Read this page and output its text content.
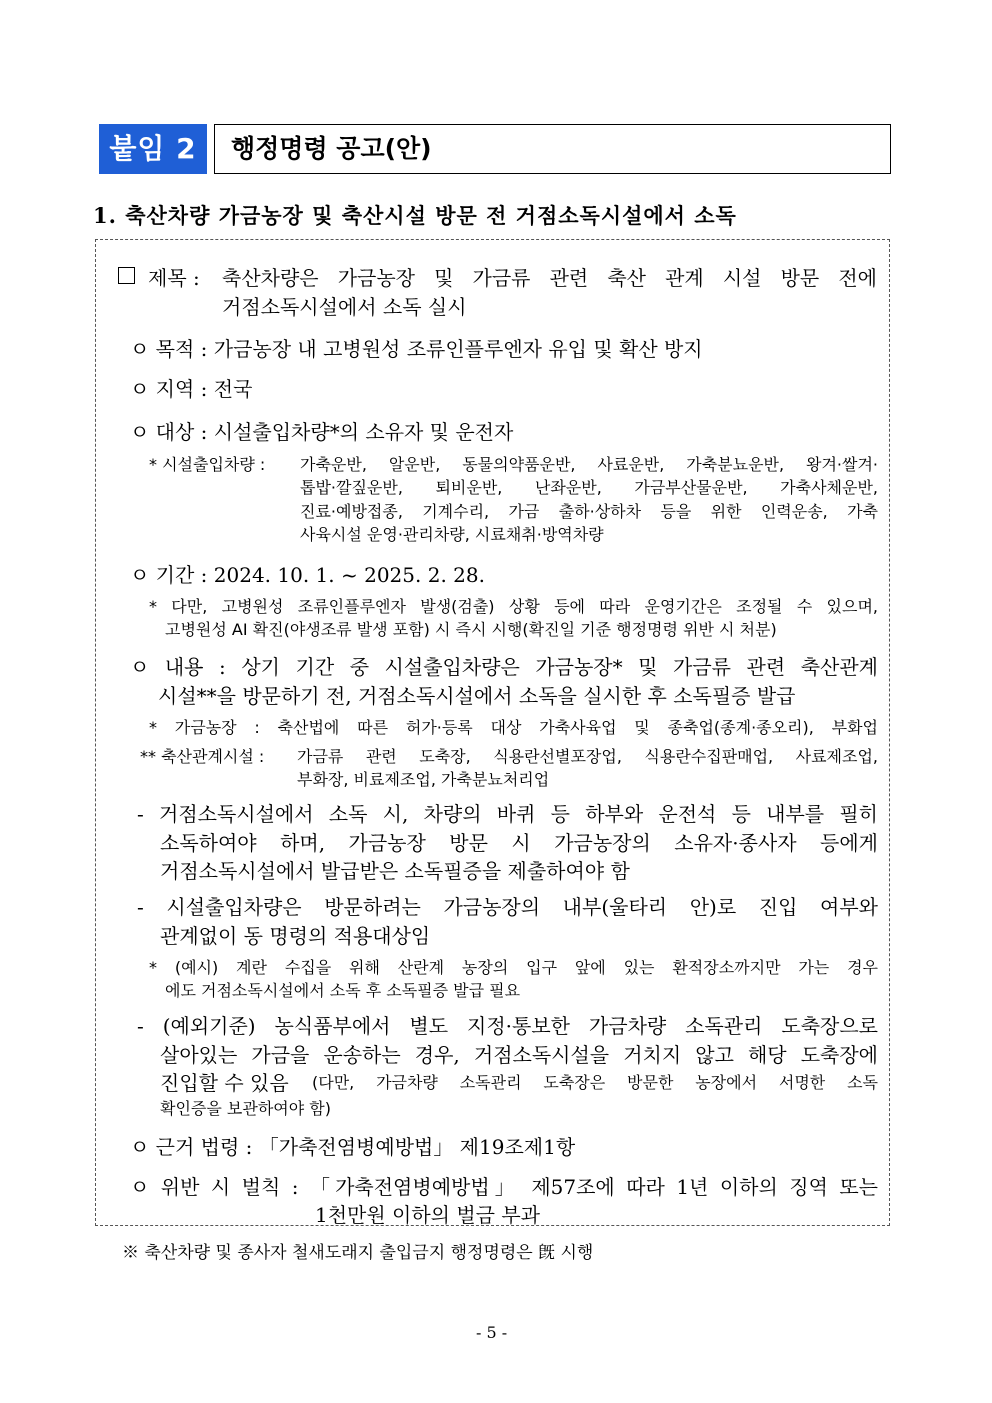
붙임 2	행정명령 공고(안)
1. 축산차량 가금농장 및 축산시설 방문 전 거점소독시설에서 소독
제목 : 축산차량은 가금농장 및 가금류 관련 축산 관계 시설 방문 전에
거점소독시설에서 소독 실시
ㅇ 목적 : 가금농장 내 고병원성 조류인플루엔자 유입 및 확산 방지
ㅇ 지역 : 전국
ㅇ 대상 : 시설출입차량*의 소유자 및 운전자
* 시설출입차량 : 가축운반, 알운반, 동물의약품운반, 사료운반, 가축분뇨운반, 왕겨·쌀겨·
톱밥·깔짚운반, 퇴비운반, 난좌운반, 가금부산물운반, 가축사체운반,
진료·예방접종, 기계수리, 가금 출하·상하차 등을 위한 인력운송, 가축
사육시설 운영·관리차량, 시료채취·방역차량
ㅇ 기간 : 2024. 10. 1. ~ 2025. 2. 28.
* 다만, 고병원성 조류인플루엔자 발생(검출) 상황 등에 따라 운영기간은 조정될 수 있으며,
고병원성 AI 확진(야생조류 발생 포함) 시 즉시 시행(확진일 기준 행정명령 위반 시 처분)
ㅇ 내용 : 상기 기간 중 시설출입차량은 가금농장* 및 가금류 관련 축산관계
시설**을 방문하기 전, 거점소독시설에서 소독을 실시한 후 소독필증 발급
* 가금농장 : 축산법에 따른 허가·등록 대상 가축사육업 및 종축업(종계·종오리), 부화업
** 축산관계시설 : 가금류 관련 도축장, 식용란선별포장업, 식용란수집판매업, 사료제조업,
부화장, 비료제조업, 가축분뇨처리업
- 거점소독시설에서 소독 시, 차량의 바퀴 등 하부와 운전석 등 내부를 필히
소독하여야 하며, 가금농장 방문 시 가금농장의 소유자·종사자 등에게
거점소독시설에서 발급받은 소독필증을 제출하여야 함
- 시설출입차량은 방문하려는 가금농장의 내부(울타리 안)로 진입 여부와
관계없이 동 명령의 적용대상임
* (예시) 계란 수집을 위해 산란계 농장의 입구 앞에 있는 환적장소까지만 가는 경우
에도 거점소독시설에서 소독 후 소독필증 발급 필요
- (예외기준) 농식품부에서 별도 지정·통보한 가금차량 소독관리 도축장으로
살아있는 가금을 운송하는 경우, 거점소독시설을 거치지 않고 해당 도축장에
진입할 수 있음 (다만, 가금차량 소독관리 도축장은 방문한 농장에서 서명한 소독
확인증을 보관하여야 함)
ㅇ 근거 법령 : 「가축전염병예방법」 제19조제1항
ㅇ 위반 시 벌칙 : 「가축전염병예방법」 제57조에 따라 1년 이하의 징역 또는
1천만원 이하의 벌금 부과
※ 축산차량 및 종사자 철새도래지 출입금지 행정명령은 旣 시행
- 5 -
